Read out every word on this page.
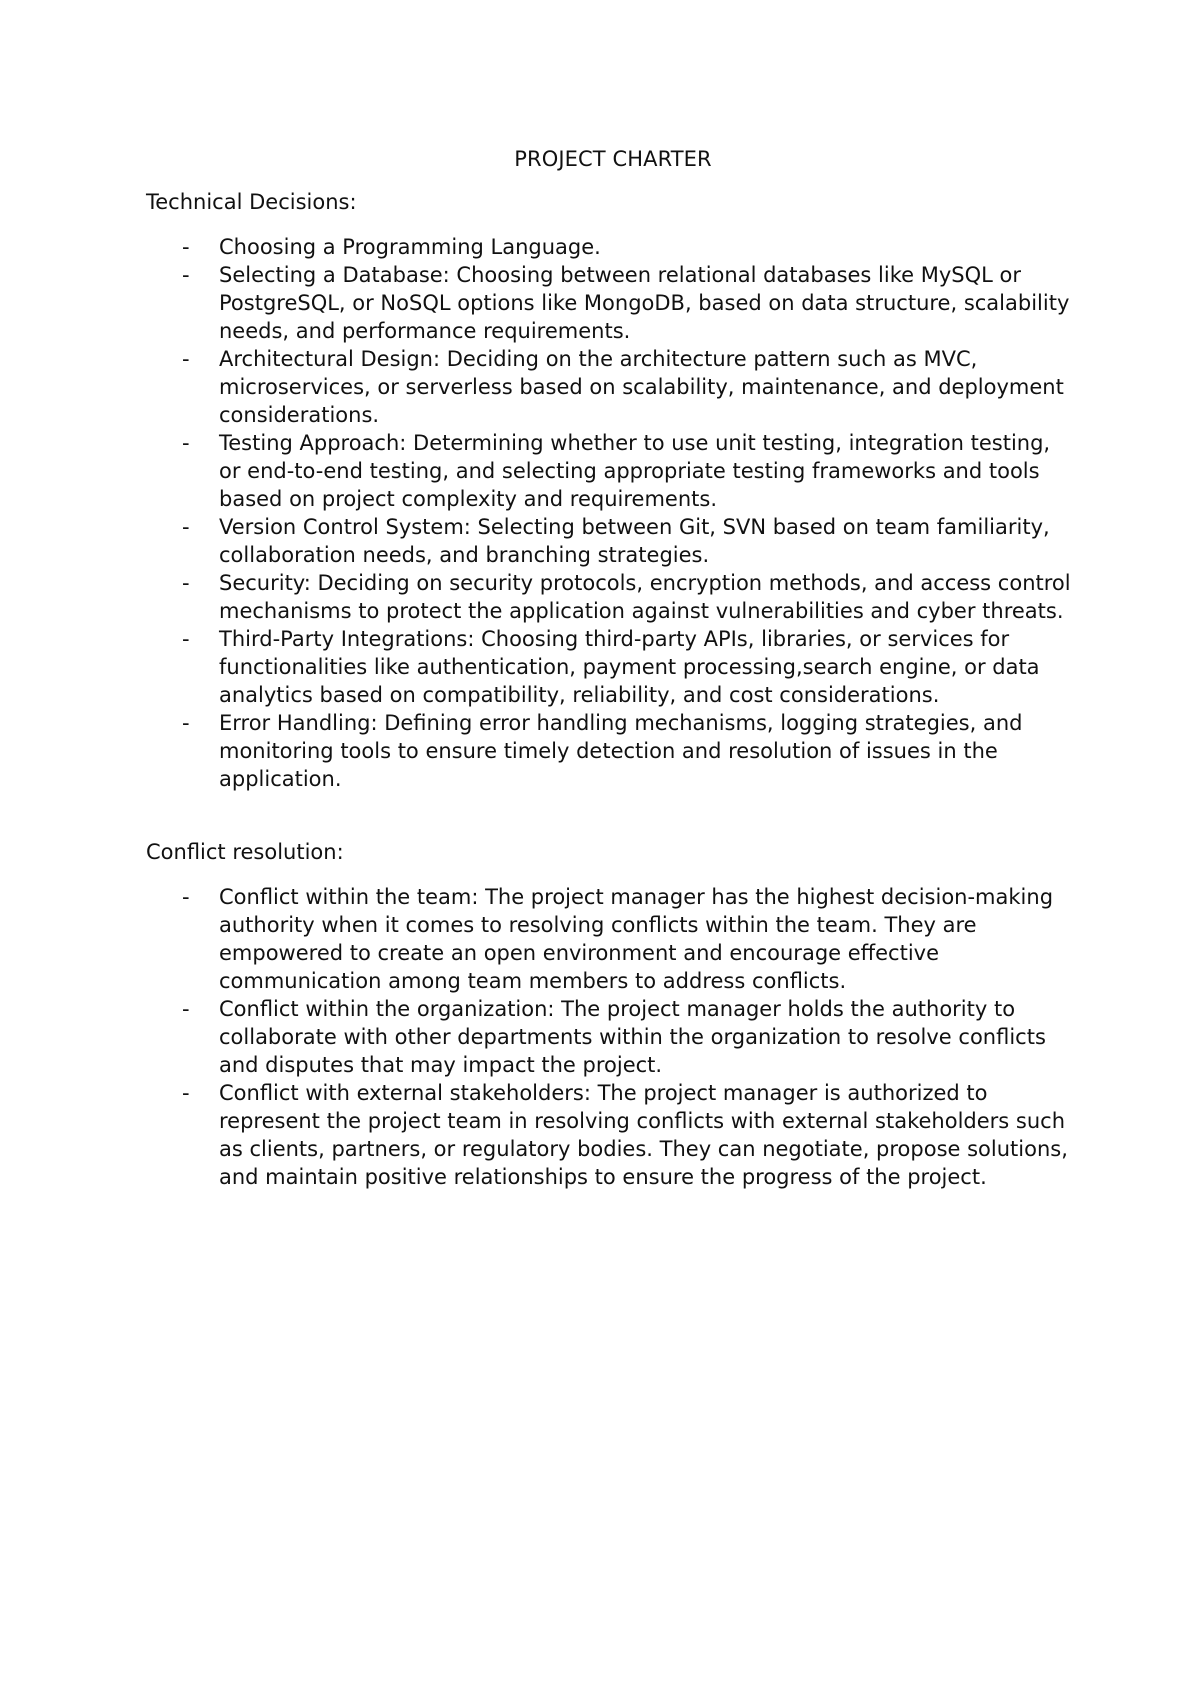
PROJECT CHARTER

Technical Decisions:

-	Choosing a Programming Language.
-	Selecting a Database: Choosing between relational databases like MySQL or PostgreSQL, or NoSQL options like MongoDB, based on data structure, scalability needs, and performance requirements.
-	Architectural Design: Deciding on the architecture pattern such as MVC, microservices, or serverless based on scalability, maintenance, and deployment considerations.
-	Testing Approach: Determining whether to use unit testing, integration testing, or end-to-end testing, and selecting appropriate testing frameworks and tools based on project complexity and requirements.
-	Version Control System: Selecting between Git, SVN based on team familiarity, collaboration needs, and branching strategies.
-	Security: Deciding on security protocols, encryption methods, and access control mechanisms to protect the application against vulnerabilities and cyber threats.
-	Third-Party Integrations: Choosing third-party APIs, libraries, or services for functionalities like authentication, payment processing,search engine, or data analytics based on compatibility, reliability, and cost considerations.
-	Error Handling: Defining error handling mechanisms, logging strategies, and monitoring tools to ensure timely detection and resolution of issues in the application.

Conflict resolution:

-	Conflict within the team: The project manager has the highest decision-making authority when it comes to resolving conflicts within the team. They are empowered to create an open environment and encourage effective communication among team members to address conflicts.
-	Conflict within the organization: The project manager holds the authority to collaborate with other departments within the organization to resolve conflicts and disputes that may impact the project.
-	Conflict with external stakeholders: The project manager is authorized to represent the project team in resolving conflicts with external stakeholders such as clients, partners, or regulatory bodies. They can negotiate, propose solutions, and maintain positive relationships to ensure the progress of the project.
